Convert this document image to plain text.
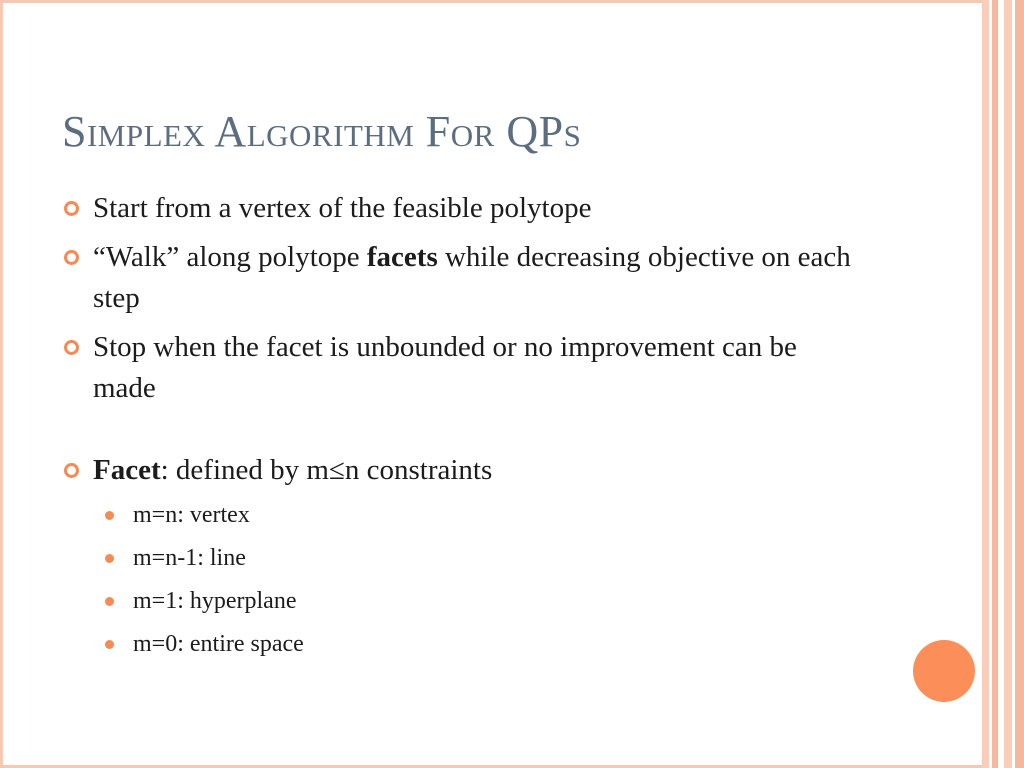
Simplex Algorithm For QPs
Start from a vertex of the feasible polytope
“Walk” along polytope facets while decreasing objective on each step
Stop when the facet is unbounded or no improvement can be made
Facet: defined by m≤n constraints
m=n: vertex
m=n-1: line
m=1: hyperplane
m=0: entire space
